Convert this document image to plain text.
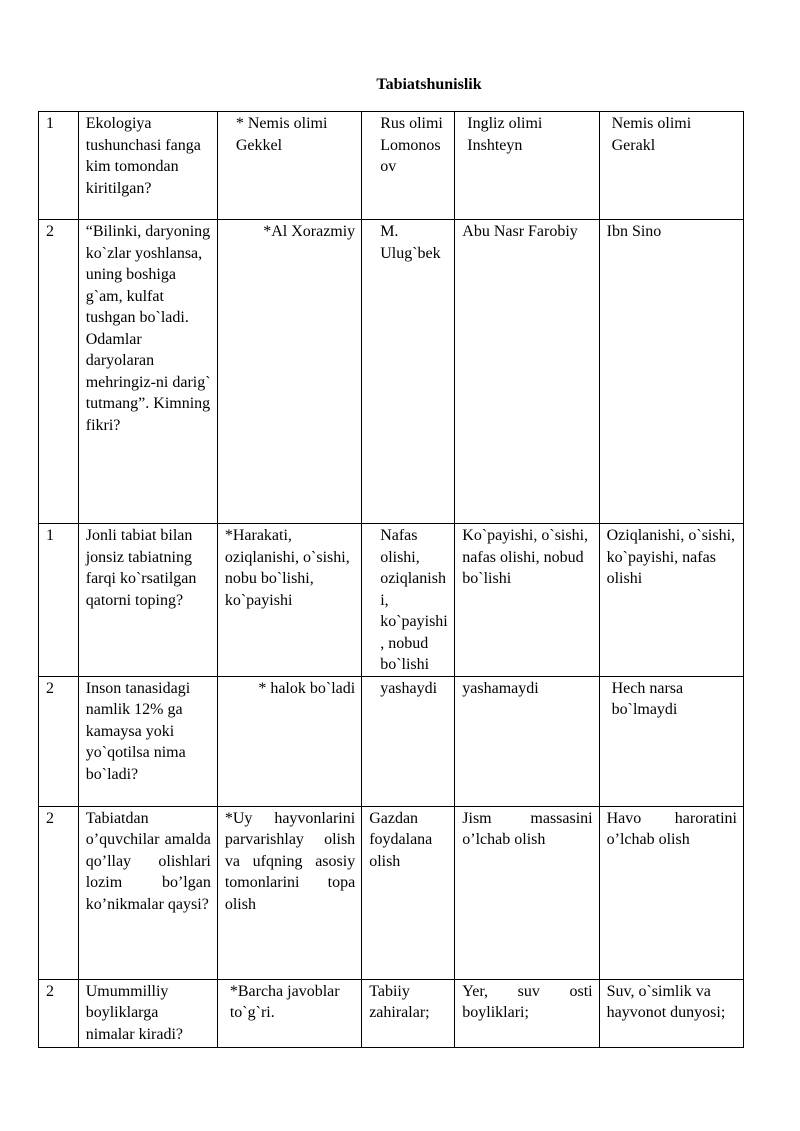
Tabiatshunislik
1	Ekologiya tushunchasi fanga kim tomondan kiritilgan?	* Nemis olimi Gekkel	Rus olimi Lomonosov	Ingliz olimi Inshteyn	Nemis olimi Gerakl
2	“Bilinki, daryoning ko`zlar yoshlansa, uning boshiga g`am, kulfat tushgan bo`ladi. Odamlar daryolaran mehringiz-ni darig` tutmang”. Kimning fikri?	*Al Xorazmiy	M. Ulug`bek	Abu Nasr Farobiy	Ibn Sino
1	Jonli tabiat bilan jonsiz tabiatning farqi ko`rsatilgan qatorni toping?	*Harakati, oziqlanishi, o`sishi, nobu bo`lishi, ko`payishi	Nafas olishi, oziqlanishi, ko`payishi, nobud bo`lishi	Ko`payishi, o`sishi, nafas olishi, nobud bo`lishi	Oziqlanishi, o`sishi, ko`payishi, nafas olishi
2	Inson tanasidagi namlik 12% ga kamaysa yoki yo`qotilsa nima bo`ladi?	* halok bo`ladi	yashaydi	yashamaydi	Hech narsa bo`lmaydi
2	Tabiatdan o’quvchilar amalda qo’llay olishlari lozim bo’lgan ko’nikmalar qaysi?	*Uy hayvonlarini parvarishlay olish va ufqning asosiy tomonlarini topa olish	Gazdan foydalana olish	Jism massasini o’lchab olish	Havo haroratini o’lchab olish
2	Umummilliy boyliklarga nimalar kiradi?	*Barcha javoblar to`g`ri.	Tabiiy zahiralar;	Yer, suv osti boyliklari;	Suv, o`simlik va hayvonot dunyosi;
